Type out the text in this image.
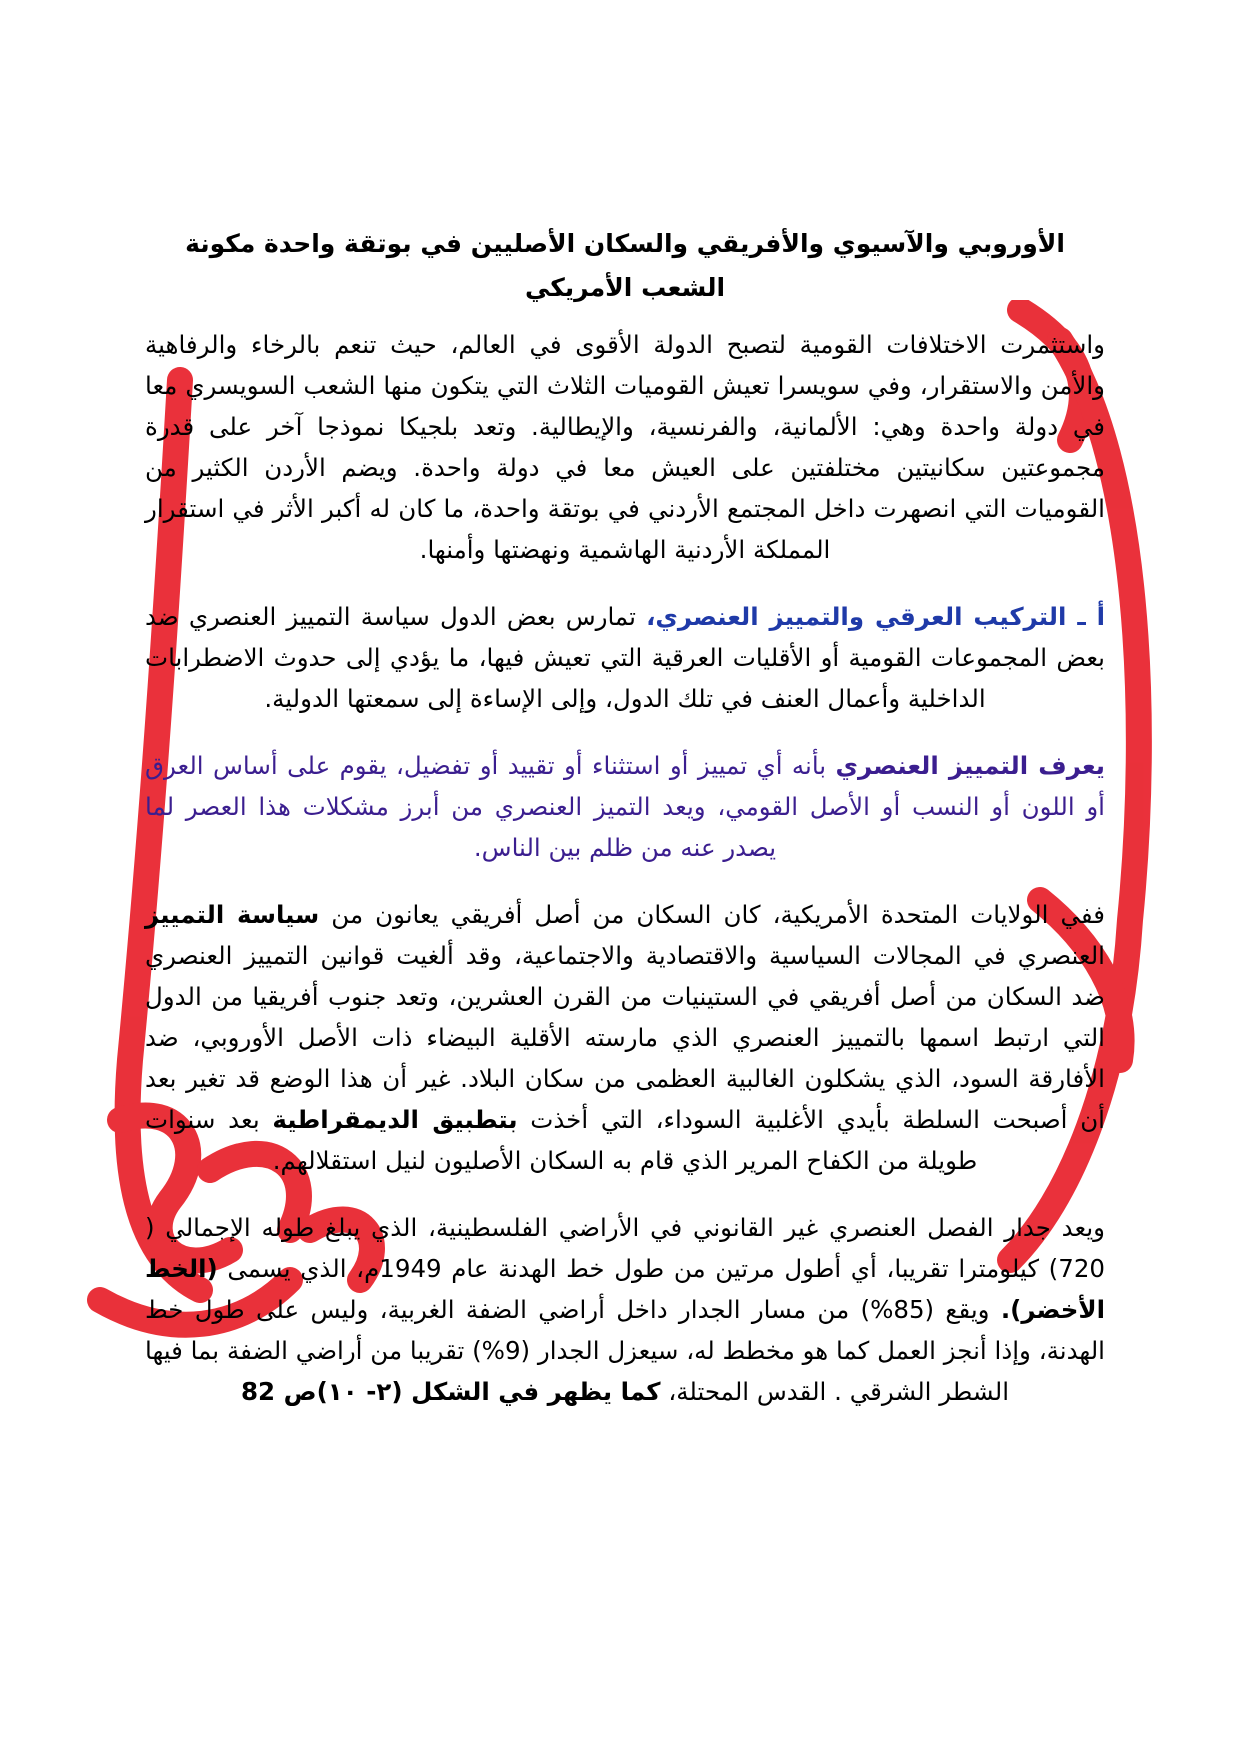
الأوروبي والآسيوي والأفريقي والسكان الأصليين في بوتقة واحدة مكونة الشعب الأمريكي

واستثمرت الاختلافات القومية لتصبح الدولة الأقوى في العالم، حيث تنعم بالرخاء والرفاهية والأمن والاستقرار، وفي سويسرا تعيش القوميات الثلاث التي يتكون منها الشعب السويسري معا في دولة واحدة وهي: الألمانية، والفرنسية، والإيطالية. وتعد بلجيكا نموذجا آخر على قدرة مجموعتين سكانيتين مختلفتين على العيش معا في دولة واحدة. ويضم الأردن الكثير من القوميات التي انصهرت داخل المجتمع الأردني في بوتقة واحدة، ما كان له أكبر الأثر في استقرار المملكة الأردنية الهاشمية ونهضتها وأمنها.

أ ـ التركيب العرقي والتمييز العنصري، تمارس بعض الدول سياسة التمييز العنصري ضد بعض المجموعات القومية أو الأقليات العرقية التي تعيش فيها، ما يؤدي إلى حدوث الاضطرابات الداخلية وأعمال العنف في تلك الدول، وإلى الإساءة إلى سمعتها الدولية.

يعرف التمييز العنصري بأنه أي تمييز أو استثناء أو تقييد أو تفضيل، يقوم على أساس العرق أو اللون أو النسب أو الأصل القومي، ويعد التميز العنصري من أبرز مشكلات هذا العصر لما يصدر عنه من ظلم بين الناس.

ففي الولايات المتحدة الأمريكية، كان السكان من أصل أفريقي يعانون من سياسة التمييز العنصري في المجالات السياسية والاقتصادية والاجتماعية، وقد ألغيت قوانين التمييز العنصري ضد السكان من أصل أفريقي في الستينيات من القرن العشرين، وتعد جنوب أفريقيا من الدول التي ارتبط اسمها بالتمييز العنصري الذي مارسته الأقلية البيضاء ذات الأصل الأوروبي، ضد الأفارقة السود، الذي يشكلون الغالبية العظمى من سكان البلاد. غير أن هذا الوضع قد تغير بعد أن أصبحت السلطة بأيدي الأغلبية السوداء، التي أخذت بتطبيق الديمقراطية بعد سنوات طويلة من الكفاح المرير الذي قام به السكان الأصليون لنيل استقلالهم.

ويعد جدار الفصل العنصري غير القانوني في الأراضي الفلسطينية، الذي يبلغ طوله الإجمالي ( 720) كيلومترا تقريبا، أي أطول مرتين من طول خط الهدنة عام 1949م، الذي يسمى (الخط الأخضر). ويقع (85%) من مسار الجدار داخل أراضي الضفة الغربية، وليس على طول خط الهدنة، وإذا أنجز العمل كما هو مخطط له، سيعزل الجدار (9%) تقريبا من أراضي الضفة بما فيها الشطر الشرقي . القدس المحتلة، كما يظهر في الشكل (٢- ١٠)ص 82
